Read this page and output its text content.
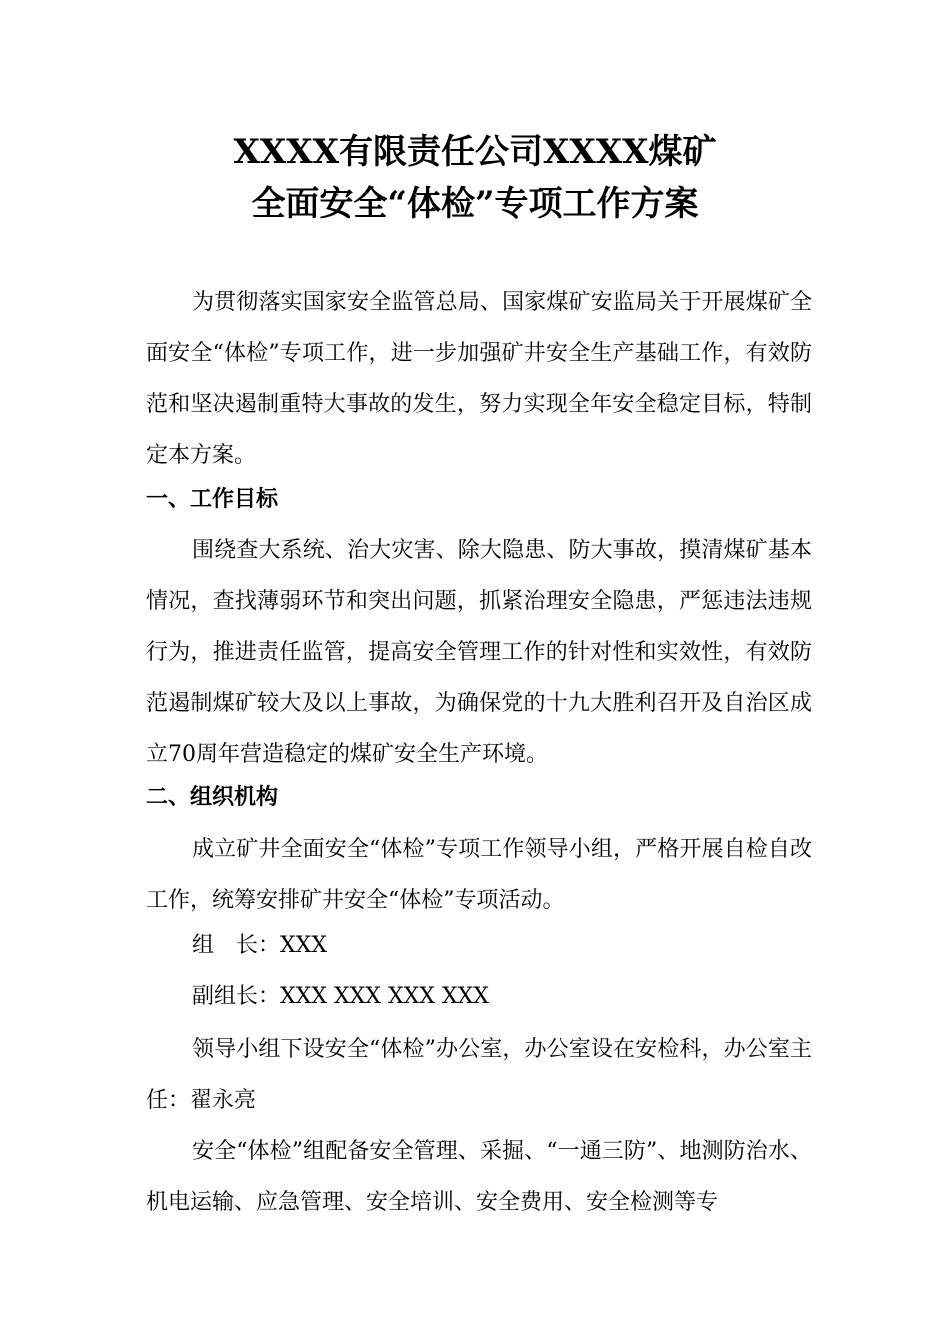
XXXX有限责任公司XXXX煤矿
全面安全“体检”专项工作方案

为贯彻落实国家安全监管总局、国家煤矿安监局关于开展煤矿全面安全“体检”专项工作，进一步加强矿井安全生产基础工作，有效防范和坚决遏制重特大事故的发生，努力实现全年安全稳定目标，特制定本方案。

一、工作目标

围绕查大系统、治大灾害、除大隐患、防大事故，摸清煤矿基本情况，查找薄弱环节和突出问题，抓紧治理安全隐患，严惩违法违规行为，推进责任监管，提高安全管理工作的针对性和实效性，有效防范遏制煤矿较大及以上事故，为确保党的十九大胜利召开及自治区成立70周年营造稳定的煤矿安全生产环境。

二、组织机构

成立矿井全面安全“体检”专项工作领导小组，严格开展自检自改工作，统筹安排矿井安全“体检”专项活动。

组　长：XXX
副组长：XXX XXX XXX XXX

领导小组下设安全“体检”办公室，办公室设在安检科，办公室主任：翟永亮

安全“体检”组配备安全管理、采掘、“一通三防”、地测防治水、机电运输、应急管理、安全培训、安全费用、安全检测等专
